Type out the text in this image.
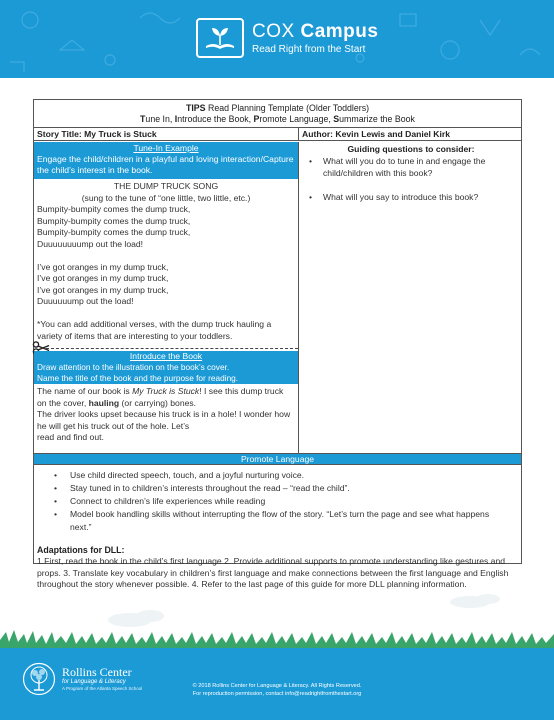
COX Campus
Read Right from the Start
TIPS Read Planning Template (Older Toddlers)
Tune In, Introduce the Book, Promote Language, Summarize the Book
Story Title: My Truck is Stuck	Author: Kevin Lewis and Daniel Kirk
Tune-In Example
Engage the child/children in a playful and loving interaction/Capture the child’s interest in the book.
THE DUMP TRUCK SONG
(sung to the tune of “one little, two little, etc.)
Bumpity-bumpity comes the dump truck,
Bumpity-bumpity comes the dump truck,
Bumpity-bumpity comes the dump truck,
Duuuuuuuump out the load!
I’ve got oranges in my dump truck,
I’ve got oranges in my dump truck,
I’ve got oranges in my dump truck,
Duuuuuump out the load!
*You can add additional verses, with the dump truck hauling a variety of items that are interesting to your toddlers.
Introduce the Book
Draw attention to the illustration on the book’s cover.
Name the title of the book and the purpose for reading.
The name of our book is My Truck is Stuck! I see this dump truck on the cover, hauling (or carrying) bones.
The driver looks upset because his truck is in a hole! I wonder how he will get his truck out of the hole. Let’s
read and find out.
Guiding questions to consider:
• What will you do to tune in and engage the child/children with this book?
• What will you say to introduce this book?
Promote Language
• Use child directed speech, touch, and a joyful nurturing voice.
• Stay tuned in to children’s interests throughout the read – “read the child”.
• Connect to children’s life experiences while reading
• Model book handling skills without interrupting the flow of the story. “Let’s turn the page and see what happens next.”
Adaptations for DLL:
1.First, read the book in the child’s first language 2. Provide additional supports to promote understanding like gestures and props. 3. Translate key vocabulary in children’s first language and make connections between the first language and English throughout the story whenever possible. 4. Refer to the last page of this guide for more DLL planning information.
Rollins Center
for Language & Literacy
A Program of the Atlanta Speech School	© 2018 Rollins Center for Language & Literacy. All Rights Reserved.
For reproduction permission, contact info@readrightfromthestart.org
